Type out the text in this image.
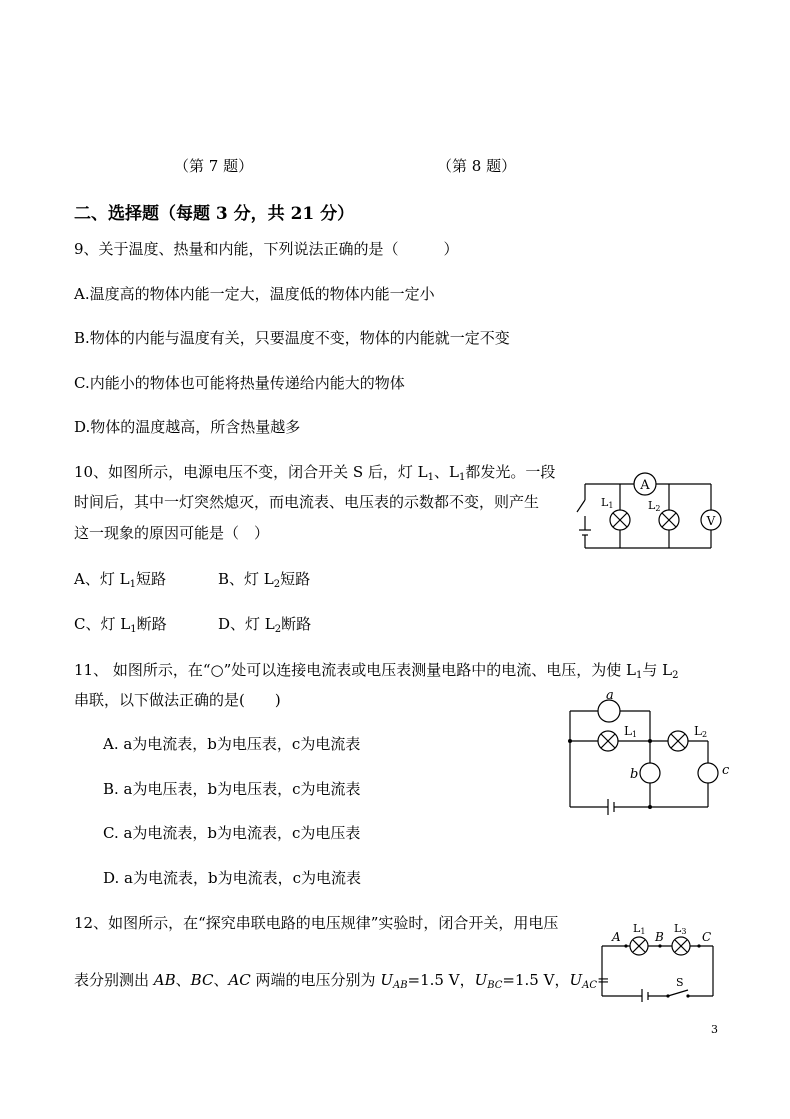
（第 7 题）	（第 8 题）
二、选择题（每题 3 分，共 21 分）
9、关于温度、热量和内能，下列说法正确的是（　　　）
A.温度高的物体内能一定大，温度低的物体内能一定小
B.物体的内能与温度有关，只要温度不变，物体的内能就一定不变
C.内能小的物体也可能将热量传递给内能大的物体
D.物体的温度越高，所含热量越多
10、如图所示，电源电压不变，闭合开关 S 后，灯 $L_1$、$L_1$都发光。一段
时间后，其中一灯突然熄灭，而电流表、电压表的示数都不变，则产生
这一现象的原因可能是（　）
A、灯 $L_1$短路	B、灯 $L_2$短路
C、灯 $L_1$断路	D、灯 $L_2$断路
A
L1	L2
V
11、 如图所示，在“○”处可以连接电流表或电压表测量电路中的电流、电压，为使 $L_1$与 $L_2$
串联，以下做法正确的是(　　)
A. a为电流表，b为电压表，c为电流表
B. a为电压表，b为电压表，c为电流表
C. a为电流表，b为电流表，c为电压表
D. a为电流表，b为电流表，c为电流表
a
L1	L2
b	c
12、如图所示，在“探究串联电路的电压规律”实验时，闭合开关，用电压
表分别测出 AB、BC、AC 两端的电压分别为 $U_{AB}=1.5$ V，$U_{BC}=1.5$ V，$U_{AC}=$
L1	L3
A	B	C
S
3
